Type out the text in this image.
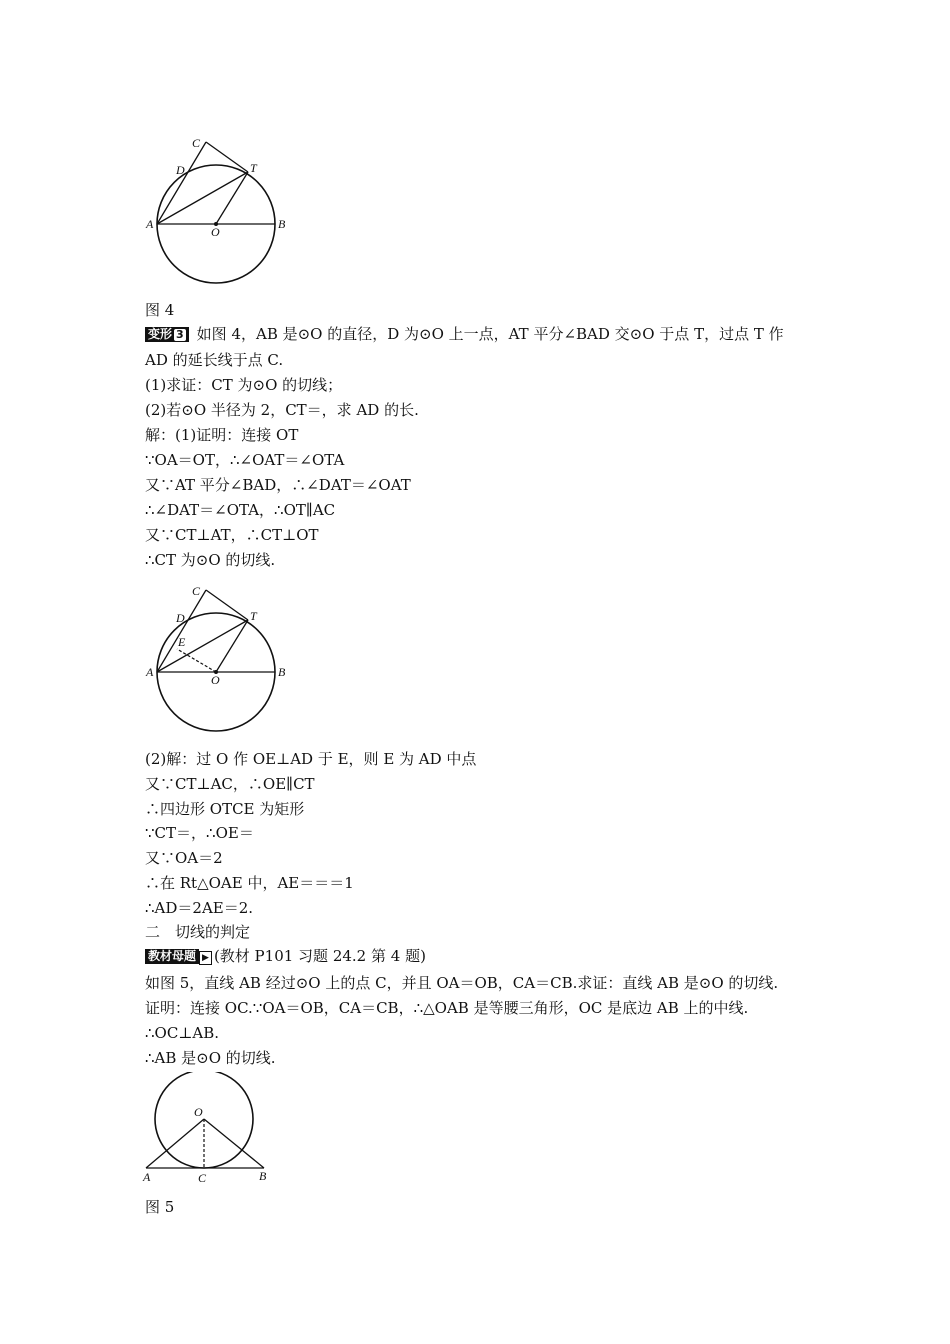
C
D	T
A
O
B
图 4
变形 3 如图 4，AB 是⊙O 的直径，D 为⊙O 上一点，AT 平分∠BAD 交⊙O 于点 T，过点 T 作
AD 的延长线于点 C.
(1)求证：CT 为⊙O 的切线；
(2)若⊙O 半径为 2，CT＝，求 AD 的长.
解：(1)证明：连接 OT
∵OA＝OT，∴∠OAT＝∠OTA
又∵AT 平分∠BAD，∴∠DAT＝∠OAT
∴∠DAT＝∠OTA，∴OT∥AC
又∵CT⊥AT，∴CT⊥OT
∴CT 为⊙O 的切线.
C
D	T
E
A
O
B
(2)解：过 O 作 OE⊥AD 于 E，则 E 为 AD 中点
又∵CT⊥AC，∴OE∥CT
∴四边形 OTCE 为矩形
∵CT＝，∴OE＝
又∵OA＝2
∴在 Rt△OAE 中，AE＝＝＝1
∴AD＝2AE＝2.
二　切线的判定
教材母题 ▶ (教材 P101 习题 24.2 第 4 题)
如图 5，直线 AB 经过⊙O 上的点 C，并且 OA＝OB，CA＝CB.求证：直线 AB 是⊙O 的切线.
证明：连接 OC.∵OA＝OB，CA＝CB，∴△OAB 是等腰三角形，OC 是底边 AB 上的中线.
∴OC⊥AB.
∴AB 是⊙O 的切线.
O
A	C	B
图 5
